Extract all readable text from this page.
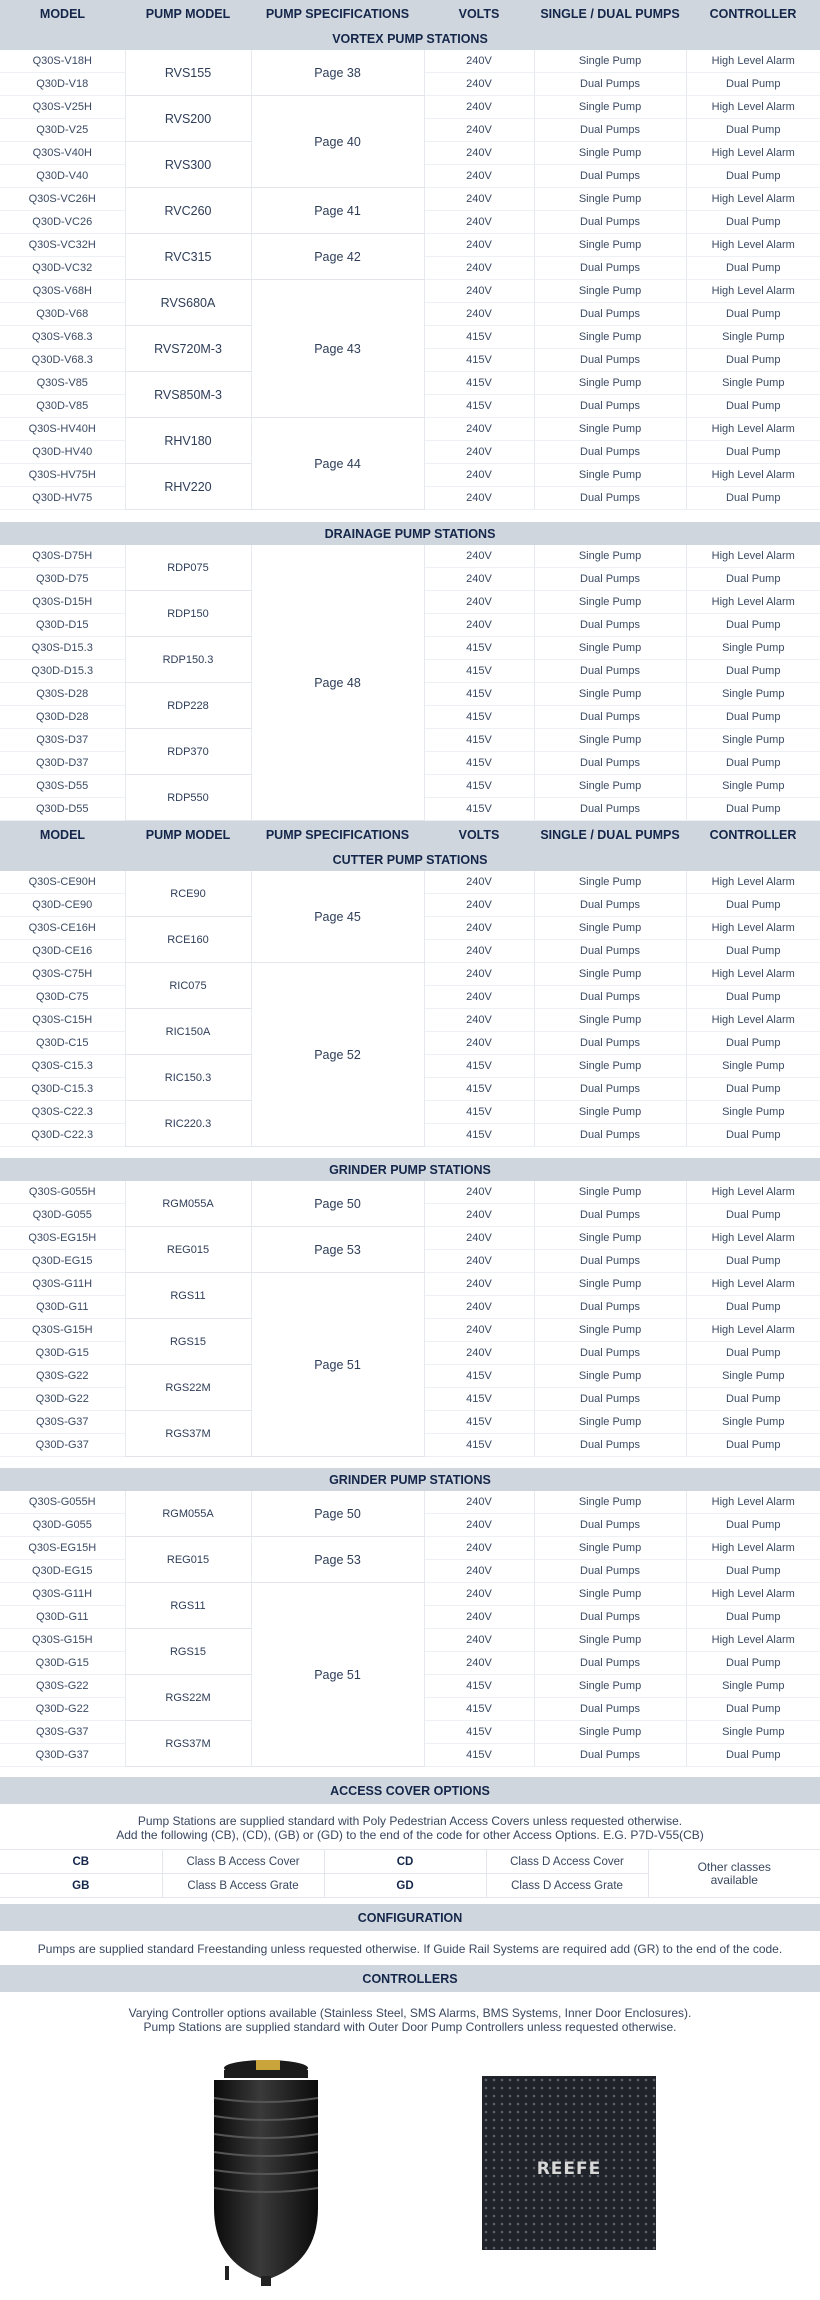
MODEL	PUMP MODEL	PUMP SPECIFICATIONS	VOLTS	SINGLE / DUAL PUMPS	CONTROLLER
VORTEX PUMP STATIONS					
Q30S-V18H	RVS155	Page 38	240V	Single Pump	High Level Alarm
Q30D-V18			240V	Dual Pumps	Dual Pump
Q30S-V25H	RVS200	Page 40	240V	Single Pump	High Level Alarm
Q30D-V25			240V	Dual Pumps	Dual Pump
Q30S-V40H	RVS300		240V	Single Pump	High Level Alarm
Q30D-V40			240V	Dual Pumps	Dual Pump
Q30S-VC26H	RVC260	Page 41	240V	Single Pump	High Level Alarm
Q30D-VC26			240V	Dual Pumps	Dual Pump
Q30S-VC32H	RVC315	Page 42	240V	Single Pump	High Level Alarm
Q30D-VC32			240V	Dual Pumps	Dual Pump
Q30S-V68H	RVS680A	Page 43	240V	Single Pump	High Level Alarm
Q30D-V68			240V	Dual Pumps	Dual Pump
Q30S-V68.3	RVS720M-3		415V	Single Pump	Single Pump
Q30D-V68.3			415V	Dual Pumps	Dual Pump
Q30S-V85	RVS850M-3		415V	Single Pump	Single Pump
Q30D-V85			415V	Dual Pumps	Dual Pump
Q30S-HV40H	RHV180	Page 44	240V	Single Pump	High Level Alarm
Q30D-HV40			240V	Dual Pumps	Dual Pump
Q30S-HV75H	RHV220		240V	Single Pump	High Level Alarm
Q30D-HV75			240V	Dual Pumps	Dual Pump

DRAINAGE PUMP STATIONS					
Q30S-D75H	RDP075	Page 48	240V	Single Pump	High Level Alarm
Q30D-D75			240V	Dual Pumps	Dual Pump
Q30S-D15H	RDP150		240V	Single Pump	High Level Alarm
Q30D-D15			240V	Dual Pumps	Dual Pump
Q30S-D15.3	RDP150.3		415V	Single Pump	Single Pump
Q30D-D15.3			415V	Dual Pumps	Dual Pump
Q30S-D28	RDP228		415V	Single Pump	Single Pump
Q30D-D28			415V	Dual Pumps	Dual Pump
Q30S-D37	RDP370		415V	Single Pump	Single Pump
Q30D-D37			415V	Dual Pumps	Dual Pump
Q30S-D55	RDP550		415V	Single Pump	Single Pump
Q30D-D55			415V	Dual Pumps	Dual Pump
MODEL	PUMP MODEL	PUMP SPECIFICATIONS	VOLTS	SINGLE / DUAL PUMPS	CONTROLLER
CUTTER PUMP STATIONS					
Q30S-CE90H	RCE90	Page 45	240V	Single Pump	High Level Alarm
Q30D-CE90			240V	Dual Pumps	Dual Pump
Q30S-CE16H	RCE160		240V	Single Pump	High Level Alarm
Q30D-CE16			240V	Dual Pumps	Dual Pump
Q30S-C75H	RIC075	Page 52	240V	Single Pump	High Level Alarm
Q30D-C75			240V	Dual Pumps	Dual Pump
Q30S-C15H	RIC150A		240V	Single Pump	High Level Alarm
Q30D-C15			240V	Dual Pumps	Dual Pump
Q30S-C15.3	RIC150.3		415V	Single Pump	Single Pump
Q30D-C15.3			415V	Dual Pumps	Dual Pump
Q30S-C22.3	RIC220.3		415V	Single Pump	Single Pump
Q30D-C22.3			415V	Dual Pumps	Dual Pump

GRINDER PUMP STATIONS					
Q30S-G055H	RGM055A	Page 50	240V	Single Pump	High Level Alarm
Q30D-G055			240V	Dual Pumps	Dual Pump
Q30S-EG15H	REG015	Page 53	240V	Single Pump	High Level Alarm
Q30D-EG15			240V	Dual Pumps	Dual Pump
Q30S-G11H	RGS11	Page 51	240V	Single Pump	High Level Alarm
Q30D-G11			240V	Dual Pumps	Dual Pump
Q30S-G15H	RGS15		240V	Single Pump	High Level Alarm
Q30D-G15			240V	Dual Pumps	Dual Pump
Q30S-G22	RGS22M		415V	Single Pump	Single Pump
Q30D-G22			415V	Dual Pumps	Dual Pump
Q30S-G37	RGS37M		415V	Single Pump	Single Pump
Q30D-G37			415V	Dual Pumps	Dual Pump

GRINDER PUMP STATIONS					
Q30S-G055H	RGM055A	Page 50	240V	Single Pump	High Level Alarm
Q30D-G055			240V	Dual Pumps	Dual Pump
Q30S-EG15H	REG015	Page 53	240V	Single Pump	High Level Alarm
Q30D-EG15			240V	Dual Pumps	Dual Pump
Q30S-G11H	RGS11	Page 51	240V	Single Pump	High Level Alarm
Q30D-G11			240V	Dual Pumps	Dual Pump
Q30S-G15H	RGS15		240V	Single Pump	High Level Alarm
Q30D-G15			240V	Dual Pumps	Dual Pump
Q30S-G22	RGS22M		415V	Single Pump	Single Pump
Q30D-G22			415V	Dual Pumps	Dual Pump
Q30S-G37	RGS37M		415V	Single Pump	Single Pump
Q30D-G37			415V	Dual Pumps	Dual Pump
ACCESS COVER OPTIONS
Pump Stations are supplied standard with Poly Pedestrian Access Covers unless requested otherwise.
Add the following (CB), (CD), (GB) or (GD) to the end of the code for other Access Options. E.G. P7D-V55(CB)
CB	Class B Access Cover	CD	Class D Access Cover	Other classes
available

GB	Class B Access Grate	GD	Class D Access Grate	
CONFIGURATION
Pumps are supplied standard Freestanding unless requested otherwise. If Guide Rail Systems are required add (GR) to the end of the code.
CONTROLLERS
Varying Controller options available (Stainless Steel, SMS Alarms, BMS Systems, Inner Door Enclosures).
Pump Stations are supplied standard with Outer Door Pump Controllers unless requested otherwise.
REEFE
